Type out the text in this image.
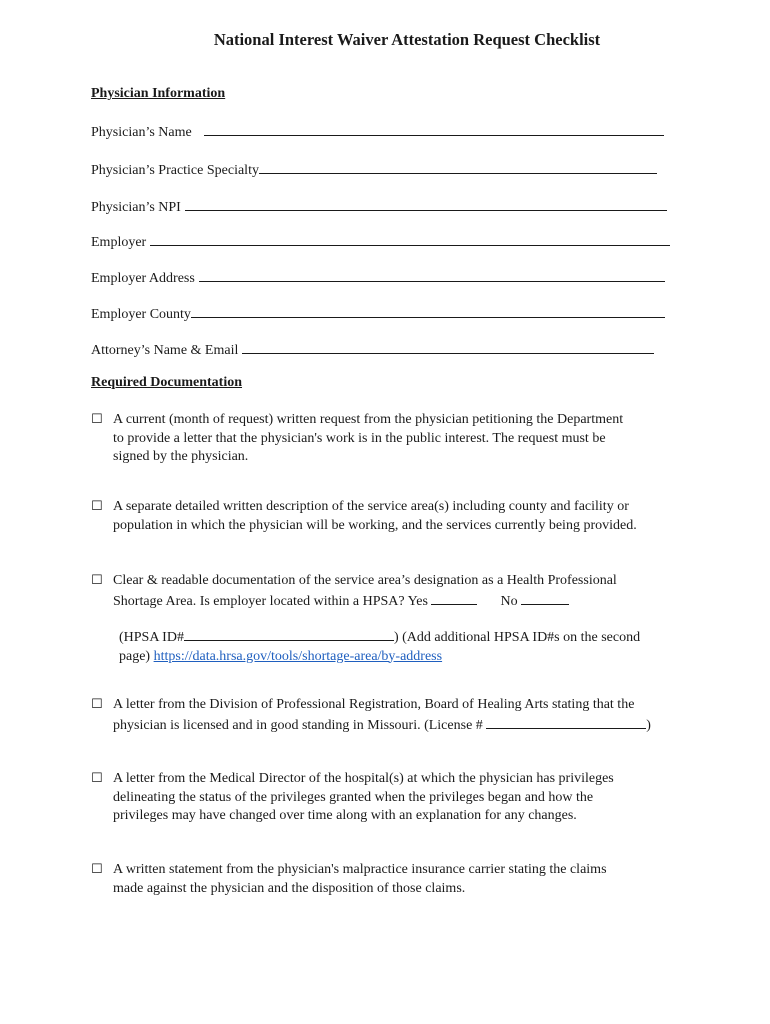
National Interest Waiver Attestation Request Checklist
Physician Information
Physician’s Name
Physician’s Practice Specialty
Physician’s NPI
Employer
Employer Address
Employer County
Attorney’s Name & Email
Required Documentation
☐ A current (month of request) written request from the physician petitioning the Department
to provide a letter that the physician's work is in the public interest. The request must be
signed by the physician.
☐ A separate detailed written description of the service area(s) including county and facility or
population in which the physician will be working, and the services currently being provided.
☐ Clear & readable documentation of the service area’s designation as a Health Professional
Shortage Area. Is employer located within a HPSA? Yes	No
(HPSA ID#	) (Add additional HPSA ID#s on the second
page) https://data.hrsa.gov/tools/shortage-area/by-address
☐ A letter from the Division of Professional Registration, Board of Healing Arts stating that the
physician is licensed and in good standing in Missouri. (License #	)
☐ A letter from the Medical Director of the hospital(s) at which the physician has privileges
delineating the status of the privileges granted when the privileges began and how the
privileges may have changed over time along with an explanation for any changes.
☐ A written statement from the physician's malpractice insurance carrier stating the claims
made against the physician and the disposition of those claims.
